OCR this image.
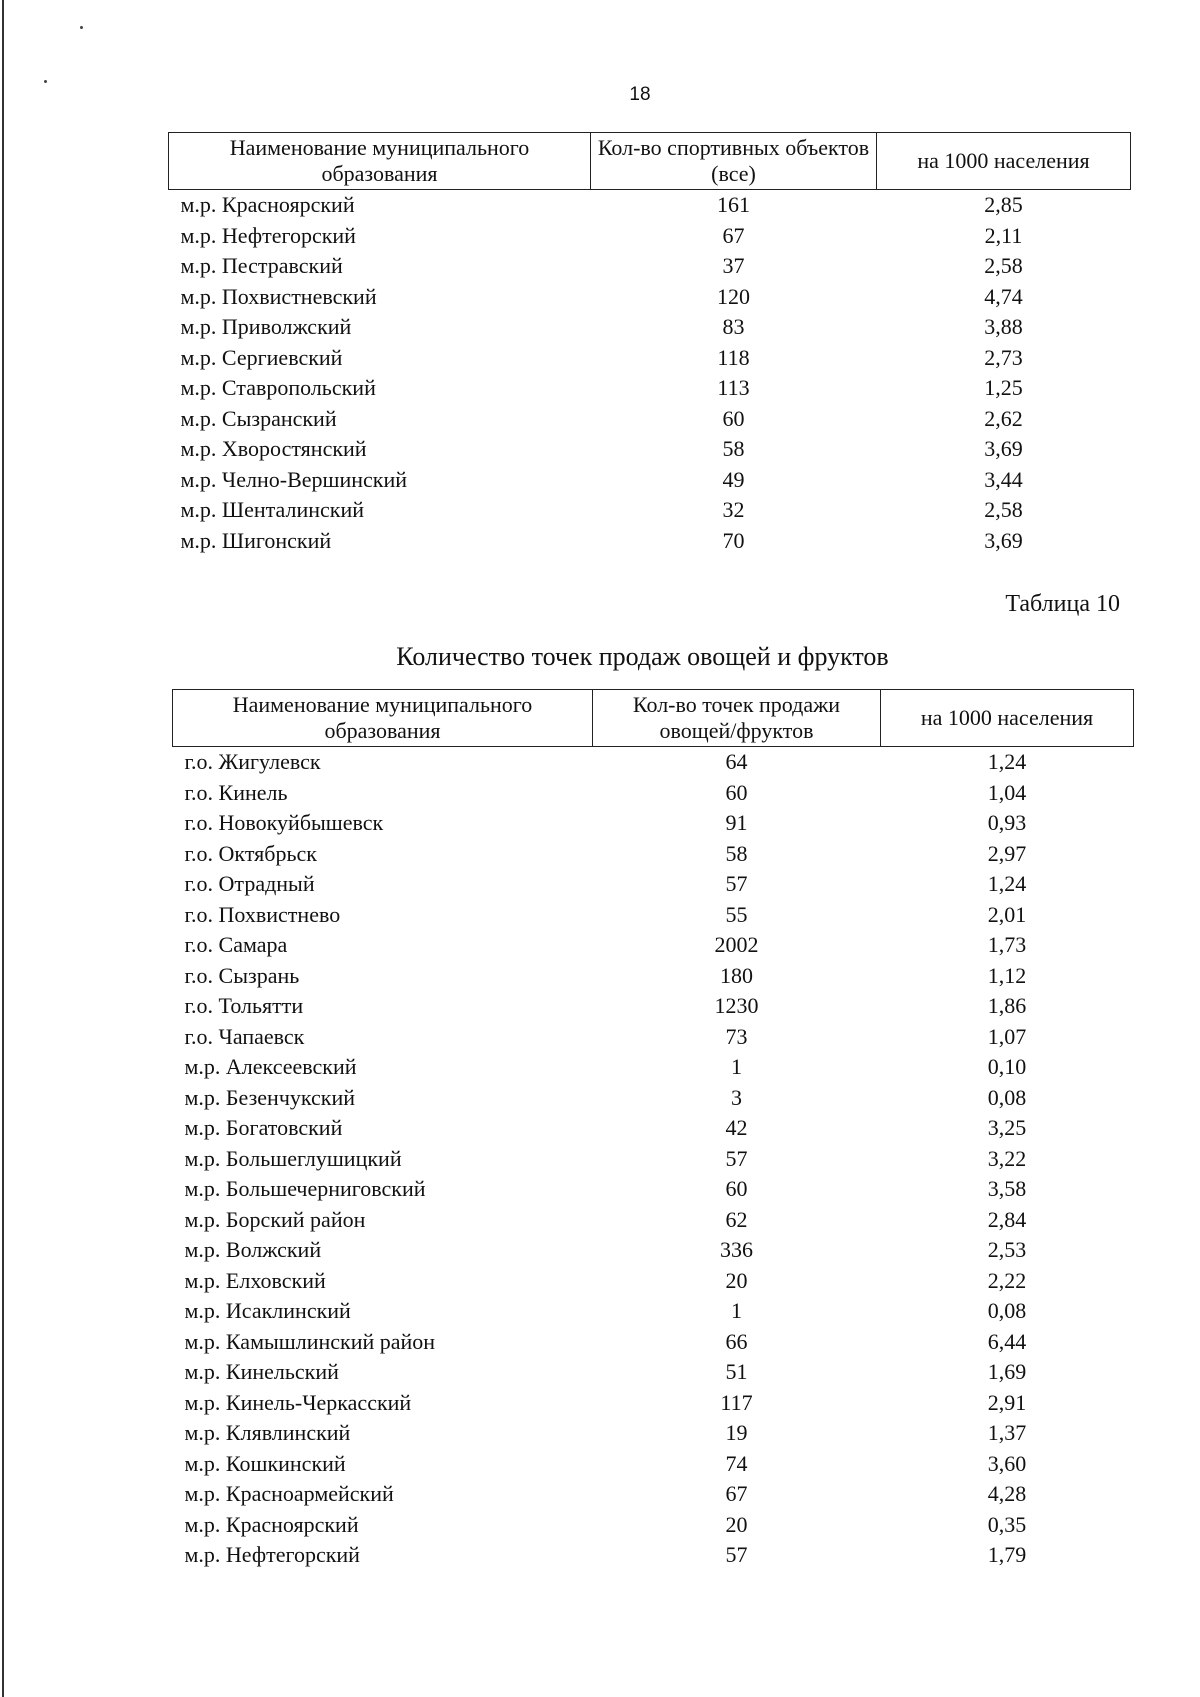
18
Наименование муниципального образования	Кол-во спортивных объектов (все)	на 1000 населения
м.р. Красноярский	161	2,85
м.р. Нефтегорский	67	2,11
м.р. Пестравский	37	2,58
м.р. Похвистневский	120	4,74
м.р. Приволжский	83	3,88
м.р. Сергиевский	118	2,73
м.р. Ставропольский	113	1,25
м.р. Сызранский	60	2,62
м.р. Хворостянский	58	3,69
м.р. Челно-Вершинский	49	3,44
м.р. Шенталинский	32	2,58
м.р. Шигонский	70	3,69
Таблица 10
Количество точек продаж овощей и фруктов
Наименование муниципального образования	Кол-во точек продажи овощей/фруктов	на 1000 населения
г.о. Жигулевск	64	1,24
г.о. Кинель	60	1,04
г.о. Новокуйбышевск	91	0,93
г.о. Октябрьск	58	2,97
г.о. Отрадный	57	1,24
г.о. Похвистнево	55	2,01
г.о. Самара	2002	1,73
г.о. Сызрань	180	1,12
г.о. Тольятти	1230	1,86
г.о. Чапаевск	73	1,07
м.р. Алексеевский	1	0,10
м.р. Безенчукский	3	0,08
м.р. Богатовский	42	3,25
м.р. Большеглушицкий	57	3,22
м.р. Большечерниговский	60	3,58
м.р. Борский район	62	2,84
м.р. Волжский	336	2,53
м.р. Елховский	20	2,22
м.р. Исаклинский	1	0,08
м.р. Камышлинский район	66	6,44
м.р. Кинельский	51	1,69
м.р. Кинель-Черкасский	117	2,91
м.р. Клявлинский	19	1,37
м.р. Кошкинский	74	3,60
м.р. Красноармейский	67	4,28
м.р. Красноярский	20	0,35
м.р. Нефтегорский	57	1,79
